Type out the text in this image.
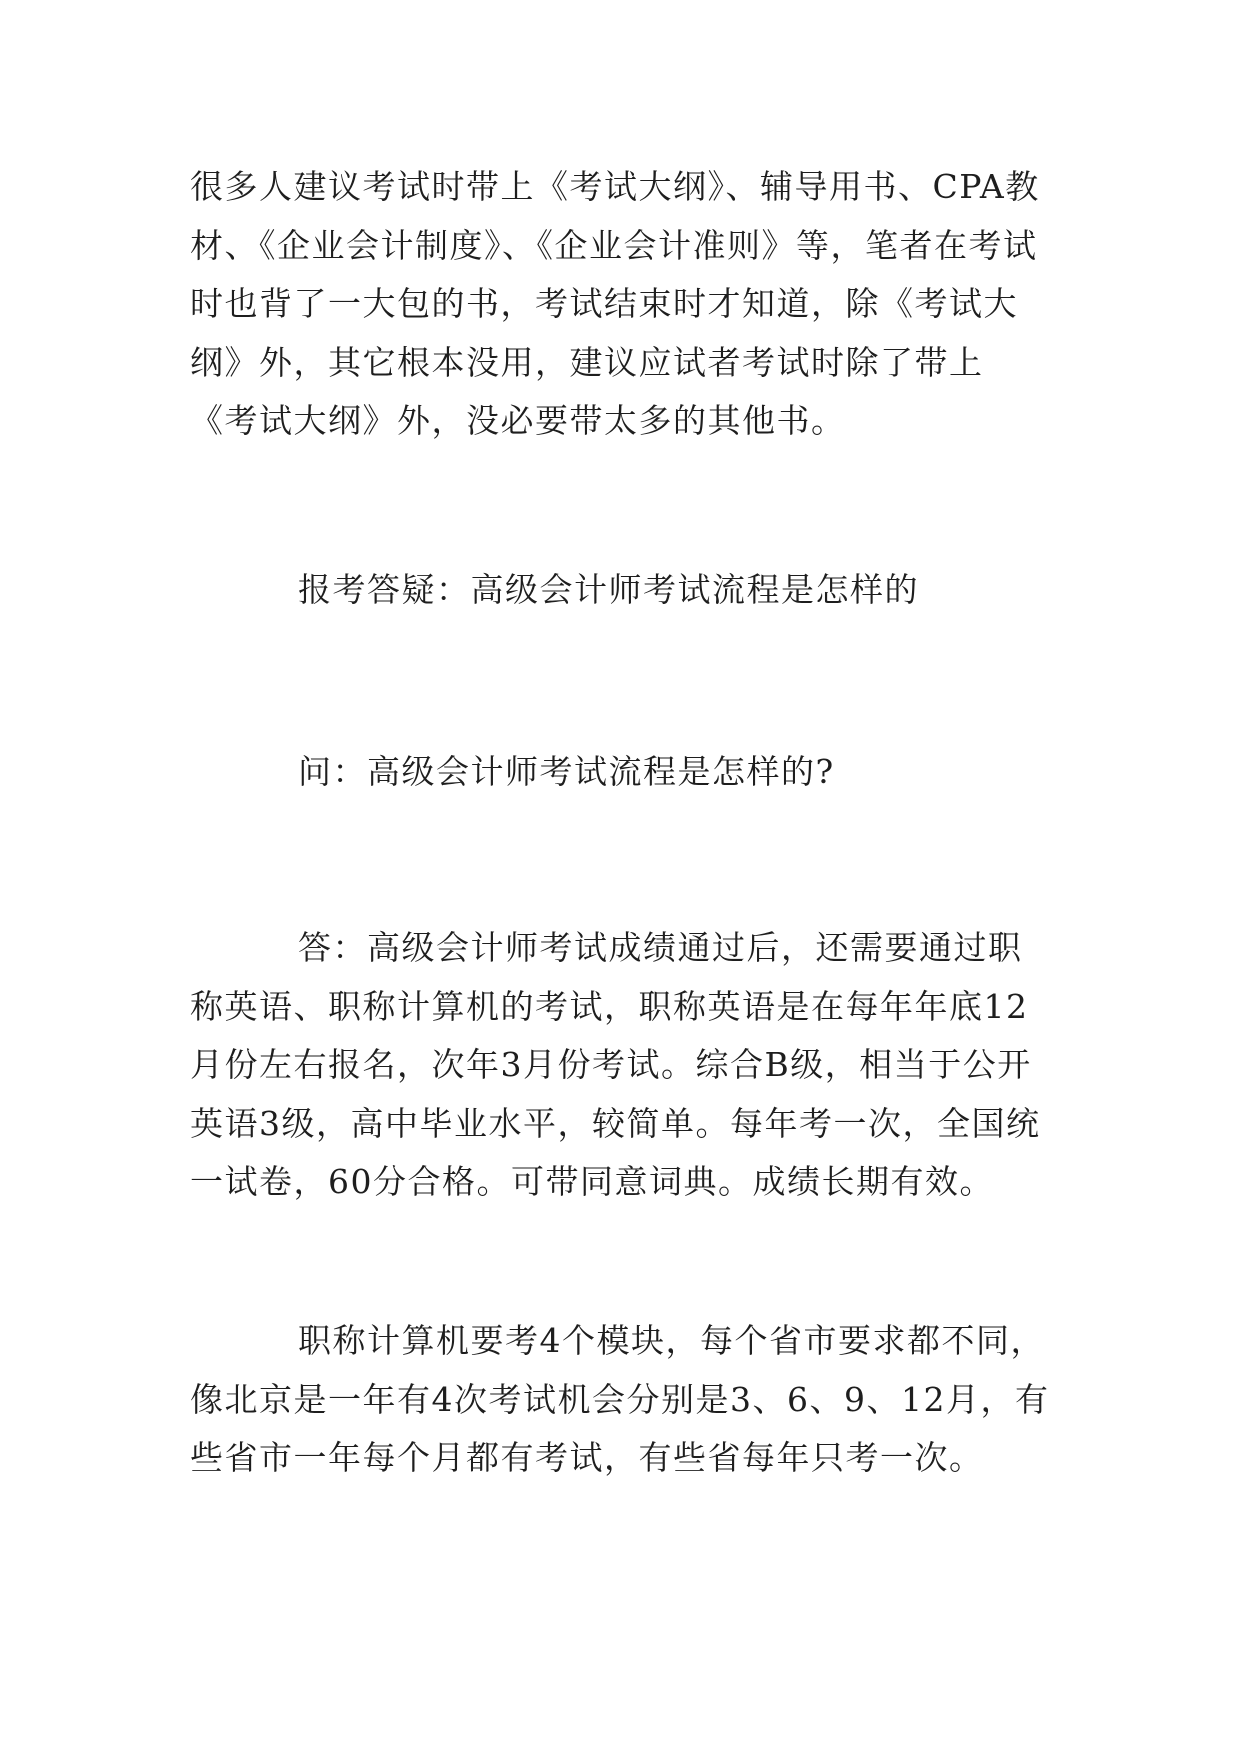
很多人建议考试时带上《考试大纲》、辅导用书、CPA教材、《企业会计制度》、《企业会计准则》等，笔者在考试时也背了一大包的书，考试结束时才知道，除《考试大纲》外，其它根本没用，建议应试者考试时除了带上《考试大纲》外，没必要带太多的其他书。

报考答疑：高级会计师考试流程是怎样的

问：高级会计师考试流程是怎样的?

答：高级会计师考试成绩通过后，还需要通过职称英语、职称计算机的考试，职称英语是在每年年底12月份左右报名，次年3月份考试。综合B级，相当于公开英语3级，高中毕业水平，较简单。每年考一次，全国统一试卷，60分合格。可带同意词典。成绩长期有效。

职称计算机要考4个模块，每个省市要求都不同，像北京是一年有4次考试机会分别是3、6、9、12月，有些省市一年每个月都有考试，有些省每年只考一次。
